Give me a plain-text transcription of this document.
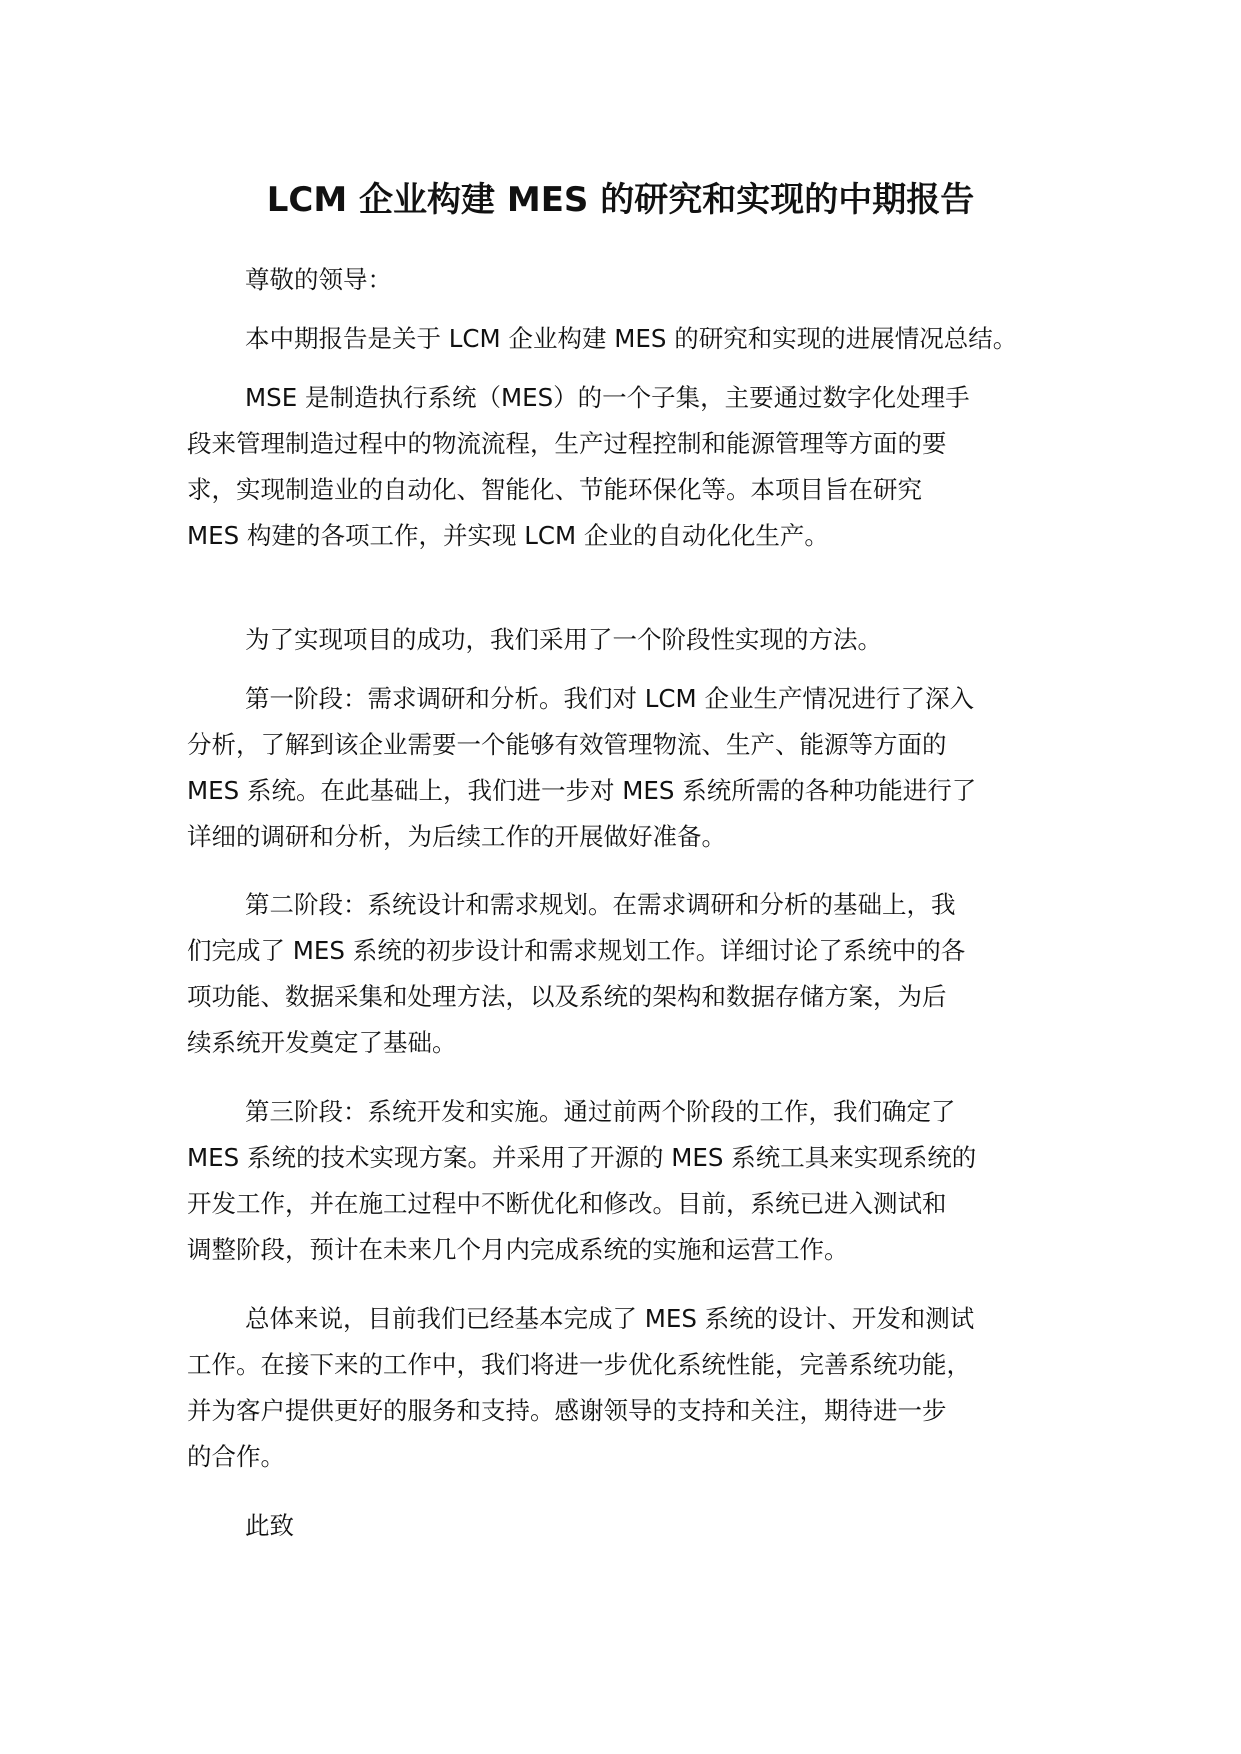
LCM 企业构建 MES 的研究和实现的中期报告
尊敬的领导：
本中期报告是关于 LCM 企业构建 MES 的研究和实现的进展情况总结。
MSE 是制造执行系统（MES）的一个子集，主要通过数字化处理手
段来管理制造过程中的物流流程，生产过程控制和能源管理等方面的要
求，实现制造业的自动化、智能化、节能环保化等。本项目旨在研究
MES 构建的各项工作，并实现 LCM 企业的自动化化生产。
为了实现项目的成功，我们采用了一个阶段性实现的方法。
第一阶段：需求调研和分析。我们对 LCM 企业生产情况进行了深入
分析，了解到该企业需要一个能够有效管理物流、生产、能源等方面的
MES 系统。在此基础上，我们进一步对 MES 系统所需的各种功能进行了
详细的调研和分析，为后续工作的开展做好准备。
第二阶段：系统设计和需求规划。在需求调研和分析的基础上，我
们完成了 MES 系统的初步设计和需求规划工作。详细讨论了系统中的各
项功能、数据采集和处理方法，以及系统的架构和数据存储方案，为后
续系统开发奠定了基础。
第三阶段：系统开发和实施。通过前两个阶段的工作，我们确定了
MES 系统的技术实现方案。并采用了开源的 MES 系统工具来实现系统的
开发工作，并在施工过程中不断优化和修改。目前，系统已进入测试和
调整阶段，预计在未来几个月内完成系统的实施和运营工作。
总体来说，目前我们已经基本完成了 MES 系统的设计、开发和测试
工作。在接下来的工作中，我们将进一步优化系统性能，完善系统功能，
并为客户提供更好的服务和支持。感谢领导的支持和关注，期待进一步
的合作。
此致
